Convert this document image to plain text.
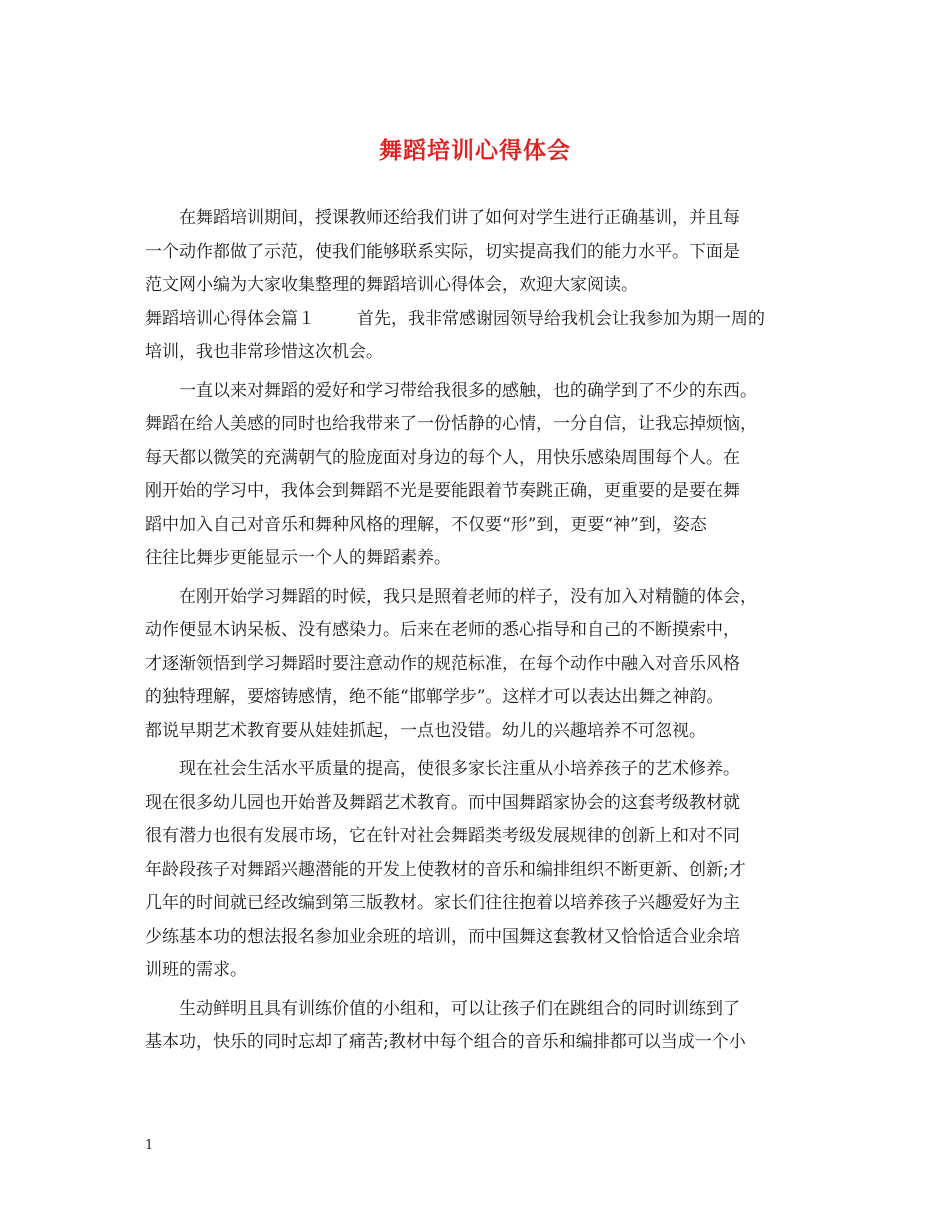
舞蹈培训心得体会
在舞蹈培训期间，授课教师还给我们讲了如何对学生进行正确基训，并且每
一个动作都做了示范，使我们能够联系实际，切实提高我们的能力水平。下面是
范文网小编为大家收集整理的舞蹈培训心得体会，欢迎大家阅读。
舞蹈培训心得体会篇１ 首先，我非常感谢园领导给我机会让我参加为期一周的
培训，我也非常珍惜这次机会。
一直以来对舞蹈的爱好和学习带给我很多的感触，也的确学到了不少的东西。
舞蹈在给人美感的同时也给我带来了一份恬静的心情，一分自信，让我忘掉烦恼，
每天都以微笑的充满朝气的脸庞面对身边的每个人，用快乐感染周围每个人。在
刚开始的学习中，我体会到舞蹈不光是要能跟着节奏跳正确，更重要的是要在舞
蹈中加入自己对音乐和舞种风格的理解，不仅要“形”到，更要“神”到，姿态
往往比舞步更能显示一个人的舞蹈素养。
在刚开始学习舞蹈的时候，我只是照着老师的样子，没有加入对精髓的体会，
动作便显木讷呆板、没有感染力。后来在老师的悉心指导和自己的不断摸索中，
才逐渐领悟到学习舞蹈时要注意动作的规范标准，在每个动作中融入对音乐风格
的独特理解，要熔铸感情，绝不能“邯郸学步”。这样才可以表达出舞之神韵。
都说早期艺术教育要从娃娃抓起，一点也没错。幼儿的兴趣培养不可忽视。
现在社会生活水平质量的提高，使很多家长注重从小培养孩子的艺术修养。
现在很多幼儿园也开始普及舞蹈艺术教育。而中国舞蹈家协会的这套考级教材就
很有潜力也很有发展市场，它在针对社会舞蹈类考级发展规律的创新上和对不同
年龄段孩子对舞蹈兴趣潜能的开发上使教材的音乐和编排组织不断更新、创新;才
几年的时间就已经改编到第三版教材。家长们往往抱着以培养孩子兴趣爱好为主
少练基本功的想法报名参加业余班的培训，而中国舞这套教材又恰恰适合业余培
训班的需求。
生动鲜明且具有训练价值的小组和，可以让孩子们在跳组合的同时训练到了
基本功，快乐的同时忘却了痛苦;教材中每个组合的音乐和编排都可以当成一个小
1
